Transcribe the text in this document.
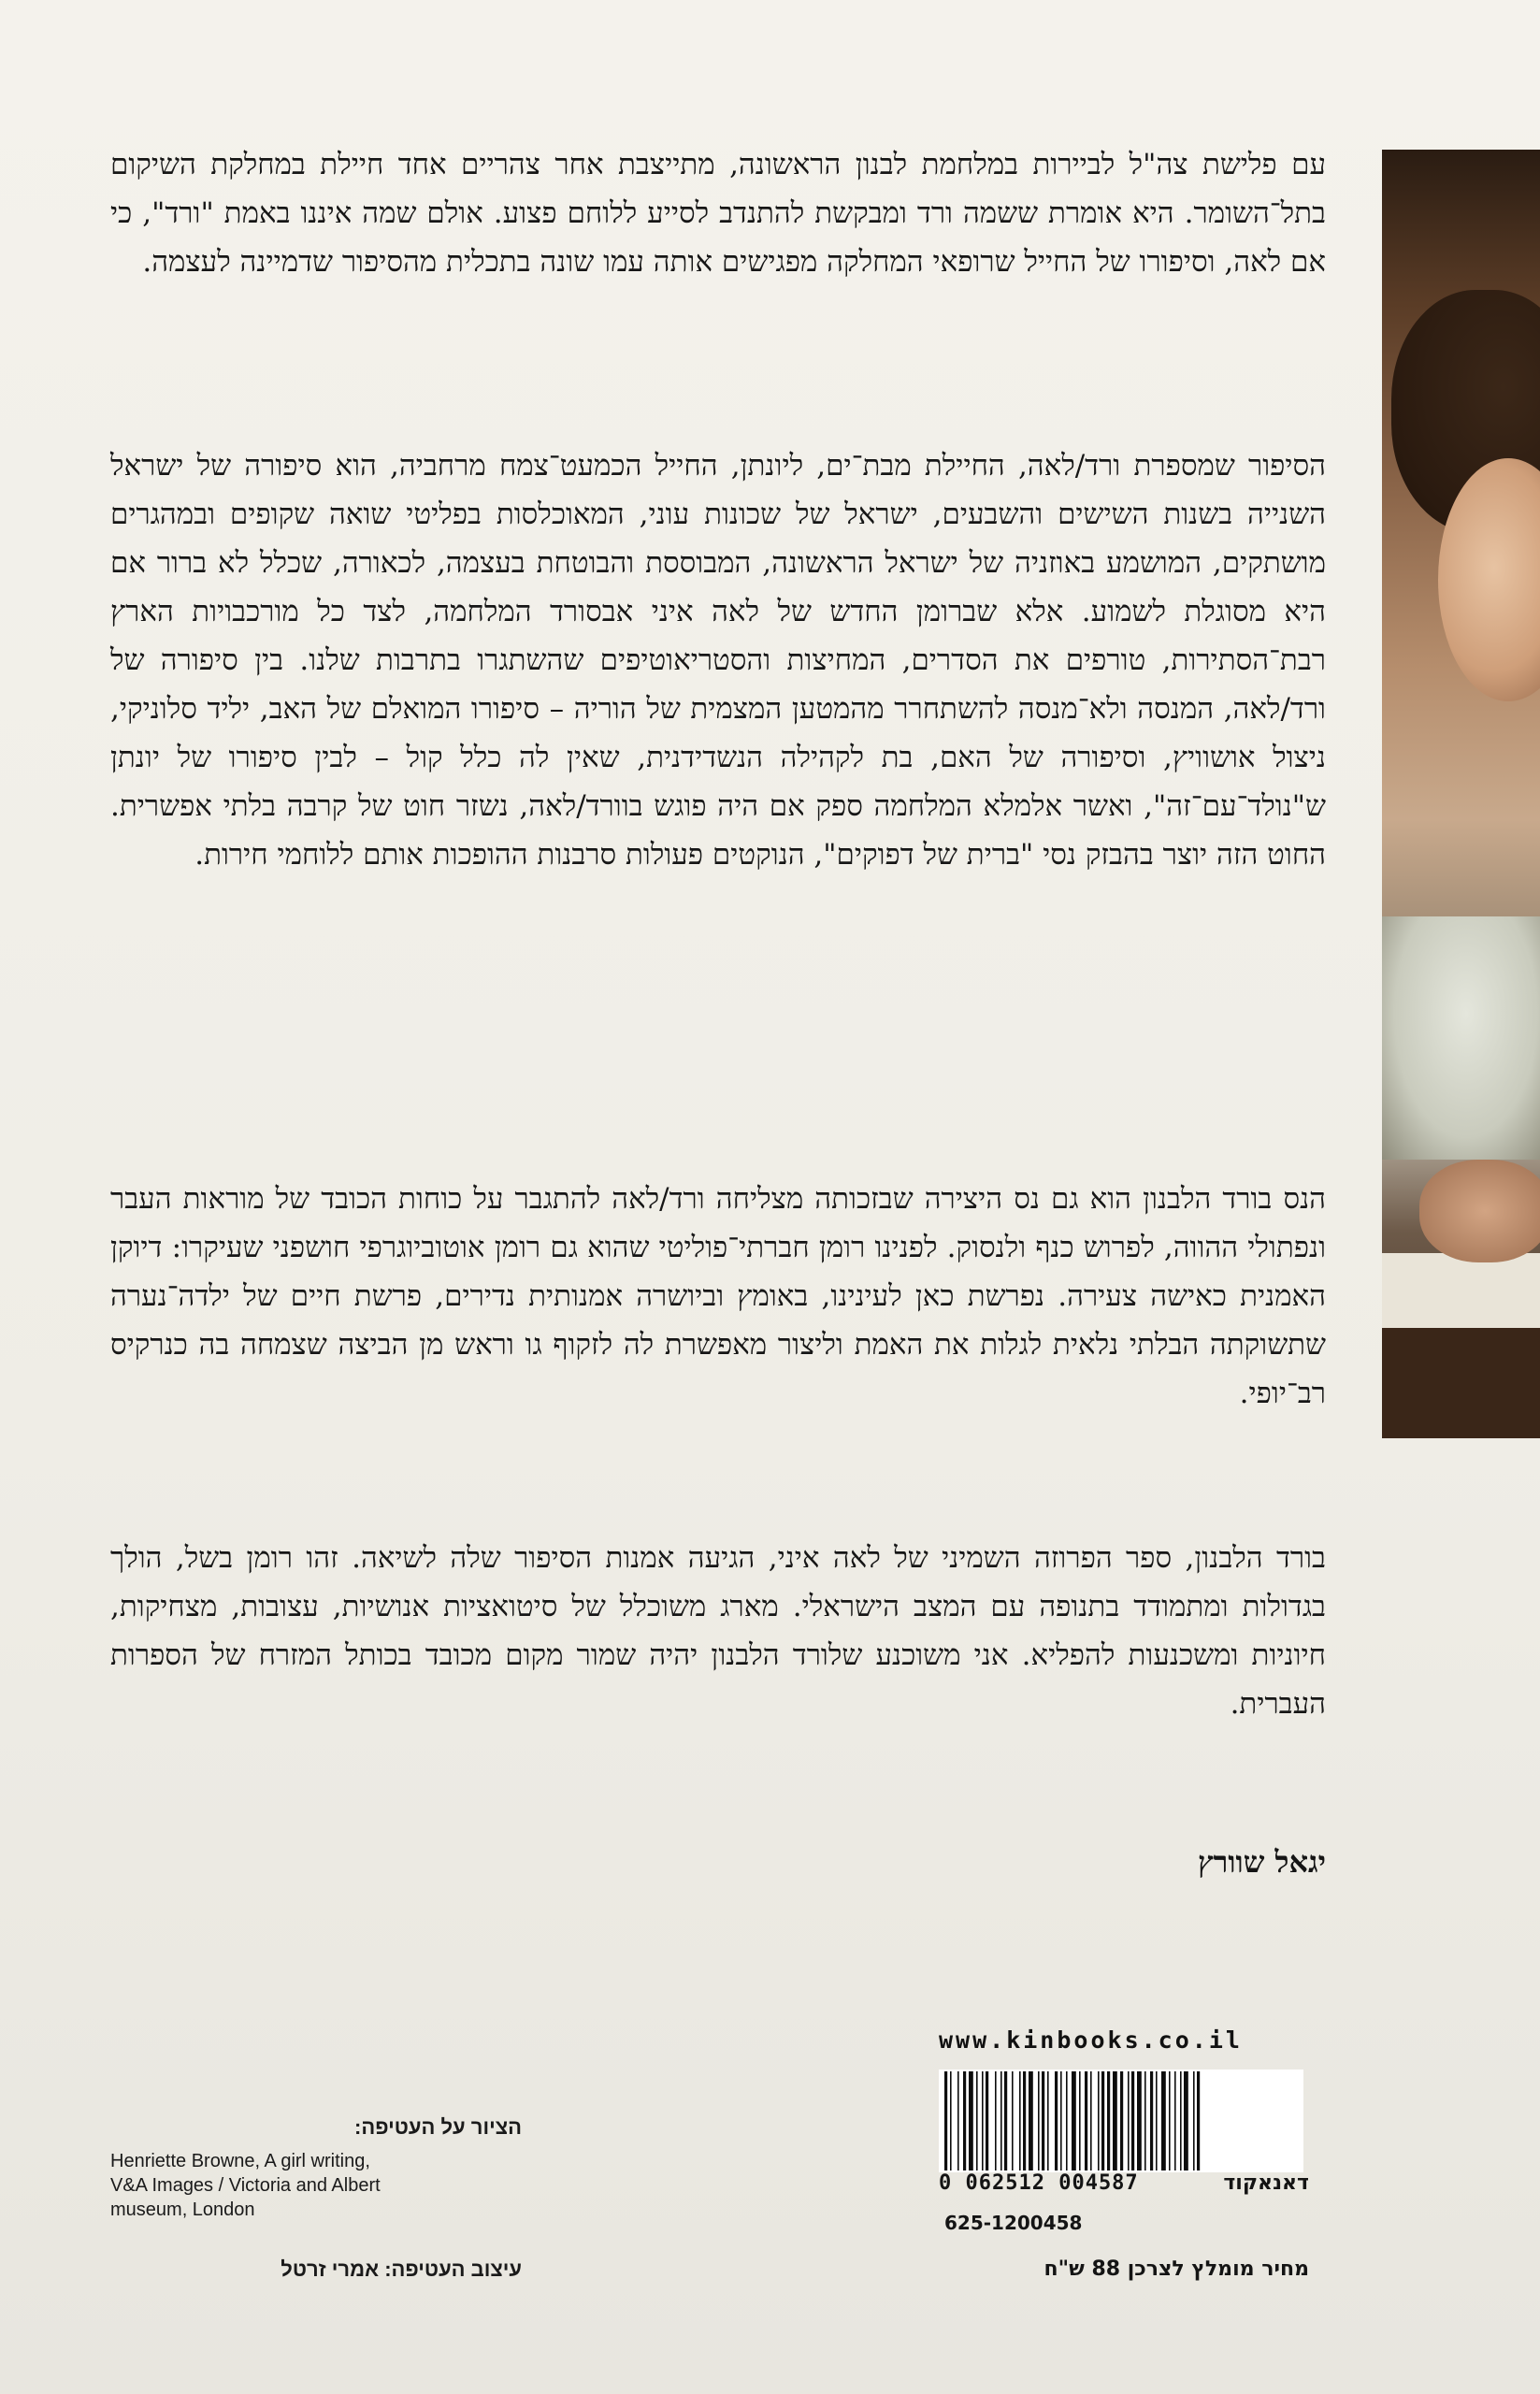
עם פלישת צה"ל לביירות במלחמת לבנון הראשונה, מתייצבת אחר צהריים אחד חיילת במחלקת השיקום בתל־השומר. היא אומרת ששמה ורד ומבקשת להתנדב לסייע ללוחם פצוע. אולם שמה איננו באמת "ורד", כי אם לאה, וסיפורו של החייל שרופאי המחלקה מפגישים אותה עמו שונה בתכלית מהסיפור שדמיינה לעצמה.

הסיפור שמספרת ורד/לאה, החיילת מבת־ים, ליונתן, החייל הכמעט־צמח מרחביה, הוא סיפורה של ישראל השנייה בשנות השישים והשבעים, ישראל של שכונות עוני, המאוכלסות בפליטי שואה שקופים ובמהגרים מושתקים, המושמע באוזניה של ישראל הראשונה, המבוססת והבוטחת בעצמה, לכאורה, שכלל לא ברור אם היא מסוגלת לשמוע. אלא שברומן החדש של לאה איני אבסורד המלחמה, לצד כל מורכבויות הארץ רבת־הסתירות, טורפים את הסדרים, המחיצות והסטריאוטיפים שהשתגרו בתרבות שלנו. בין סיפורה של ורד/לאה, המנסה ולא־מנסה להשתחרר מהמטען המצמית של הוריה – סיפורו המואלם של האב, יליד סלוניקי, ניצול אושוויץ, וסיפורה של האם, בת לקהילה הנשדידנית, שאין לה כלל קול – לבין סיפורו של יונתן ש"נולד־עם־זה", ואשר אלמלא המלחמה ספק אם היה פוגש בוורד/לאה, נשזר חוט של קרבה בלתי אפשרית. החוט הזה יוצר בהבזק נסי "ברית של דפוקים", הנוקטים פעולות סרבנות ההופכות אותם ללוחמי חירות.

הנס בורד הלבנון הוא גם נס היצירה שבזכותה מצליחה ורד/לאה להתגבר על כוחות הכובד של מוראות העבר ונפתולי ההווה, לפרוש כנף ולנסוק. לפנינו רומן חברתי־פוליטי שהוא גם רומן אוטוביוגרפי חושפני שעיקרו: דיוקן האמנית כאישה צעירה. נפרשת כאן לעינינו, באומץ וביושרה אמנותית נדירים, פרשת חיים של ילדה־נערה שתשוקתה הבלתי נלאית לגלות את האמת וליצור מאפשרת לה לזקוף גו וראש מן הביצה שצמחה בה כנרקיס רב־יופי.

בורד הלבנון, ספר הפרוזה השמיני של לאה איני, הגיעה אמנות הסיפור שלה לשיאה. זהו רומן בשל, הולך בגדולות ומתמודד בתנופה עם המצב הישראלי. מארג משוכלל של סיטואציות אנושיות, עצובות, מצחיקות, חיוניות ומשכנעות להפליא. אני משוכנע שלורד הלבנון יהיה שמור מקום מכובד בכותל המזרח של הספרות העברית.

יגאל שוורץ
www.kinbooks.co.il
0 062512 004587	דאנאקוד
625-1200458
מחיר מומלץ לצרכן 88 ש"ח
הציור על העטיפה:
Henriette Browne, A girl writing,
V&A Images / Victoria and Albert
museum, London
עיצוב העטיפה: אמרי זרטל
